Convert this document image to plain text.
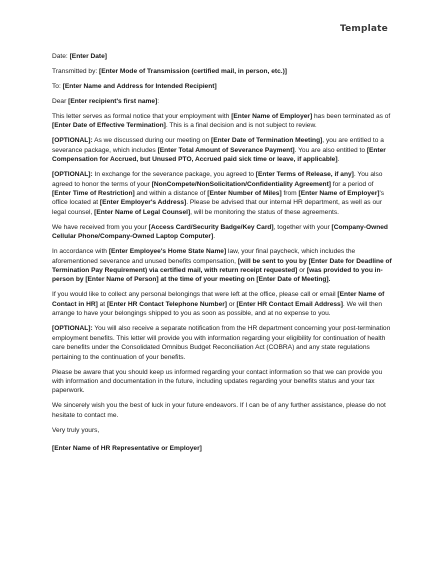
Template

Date: [Enter Date]

Transmitted by: [Enter Mode of Transmission (certified mail, in person, etc.)]

To: [Enter Name and Address for Intended Recipient]

Dear [Enter recipient's first name]:

This letter serves as formal notice that your employment with [Enter Name of Employer] has been terminated as of [Enter Date of Effective Termination]. This is a final decision and is not subject to review.

[OPTIONAL]: As we discussed during our meeting on [Enter Date of Termination Meeting], you are entitled to a severance package, which includes [Enter Total Amount of Severance Payment]. You are also entitled to [Enter Compensation for Accrued, but Unused PTO, Accrued paid sick time or leave, if applicable].

[OPTIONAL]: In exchange for the severance package, you agreed to [Enter Terms of Release, if any]. You also agreed to honor the terms of your [NonCompete/NonSolicitation/Confidentiality Agreement] for a period of [Enter Time of Restriction] and within a distance of [Enter Number of Miles] from [Enter Name of Employer]'s office located at [Enter Employer's Address]. Please be advised that our internal HR department, as well as our legal counsel, [Enter Name of Legal Counsel], will be monitoring the status of these agreements.

We have received from you your [Access Card/Security Badge/Key Card], together with your [Company-Owned Cellular Phone/Company-Owned Laptop Computer].

In accordance with [Enter Employee's Home State Name] law, your final paycheck, which includes the aforementioned severance and unused benefits compensation, [will be sent to you by [Enter Date for Deadline of Termination Pay Requirement) via certified mail, with return receipt requested] or [was provided to you in-person by [Enter Name of Person] at the time of your meeting on [Enter Date of Meeting].

If you would like to collect any personal belongings that were left at the office, please call or email [Enter Name of Contact in HR] at [Enter HR Contact Telephone Number] or [Enter HR Contact Email Address]. We will then arrange to have your belongings shipped to you as soon as possible, and at no expense to you.

[OPTIONAL]: You will also receive a separate notification from the HR department concerning your post-termination employment benefits. This letter will provide you with information regarding your eligibility for continuation of health care benefits under the Consolidated Omnibus Budget Reconciliation Act (COBRA) and any state regulations pertaining to the continuation of your benefits.

Please be aware that you should keep us informed regarding your contact information so that we can provide you with information and documentation in the future, including updates regarding your benefits status and your tax paperwork.

We sincerely wish you the best of luck in your future endeavors. If I can be of any further assistance, please do not hesitate to contact me.

Very truly yours,

[Enter Name of HR Representative or Employer]
